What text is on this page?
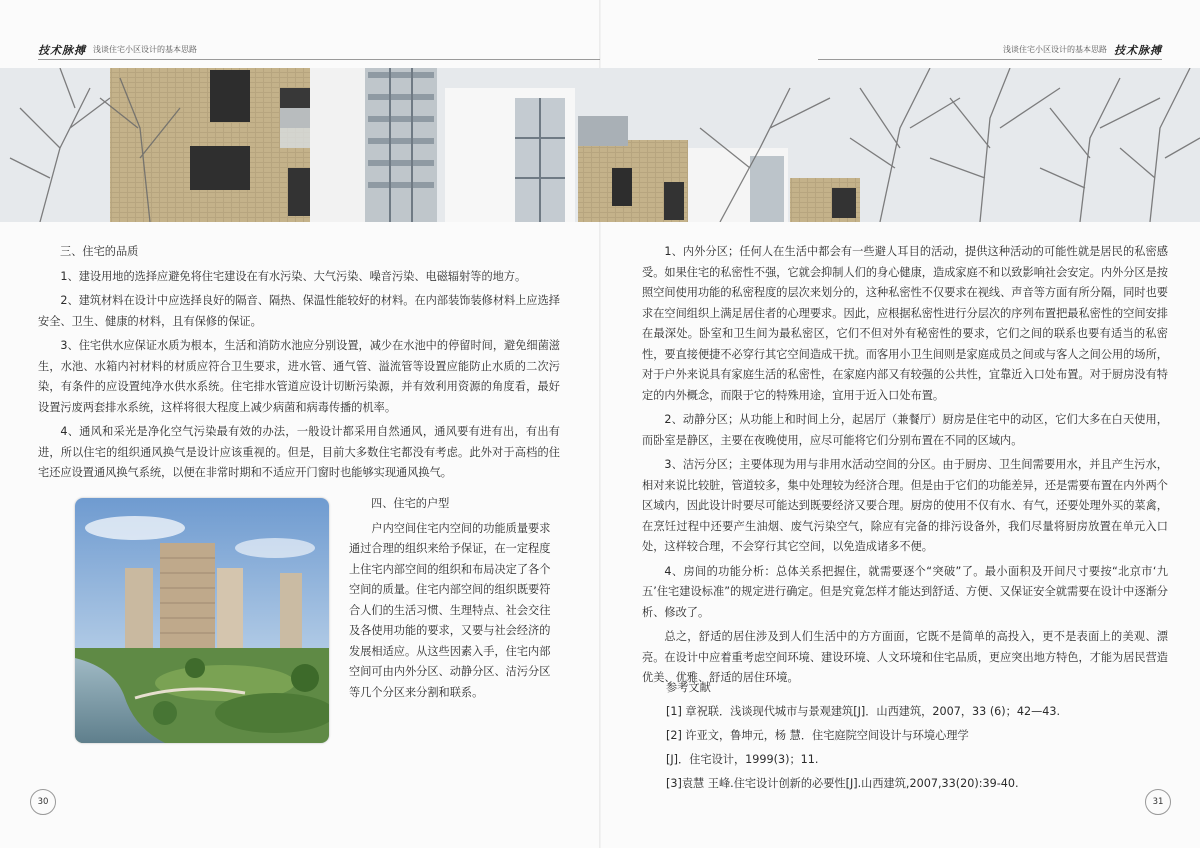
技术脉搏 浅谈住宅小区设计的基本思路	浅谈住宅小区设计的基本思路 技术脉搏

三、住宅的品质

1、建设用地的选择应避免将住宅建设在有水污染、大气污染、噪音污染、电磁辐射等的地方。

2、建筑材料在设计中应选择良好的隔音、隔热、保温性能较好的材料。在内部装饰装修材料上应选择安全、卫生、健康的材料，且有保修的保证。

3、住宅供水应保证水质为根本，生活和消防水池应分别设置，减少在水池中的停留时间，避免细菌滋生，水池、水箱内衬材料的材质应符合卫生要求，进水管、通气管、溢流管等设置应能防止水质的二次污染，有条件的应设置纯净水供水系统。住宅排水管道应设计切断污染源，并有效利用资源的角度看，最好设置污废两套排水系统，这样将很大程度上减少病菌和病毒传播的机率。

4、通风和采光是净化空气污染最有效的办法，一般设计都采用自然通风，通风要有进有出，有出有进，所以住宅的组织通风换气是设计应该重视的。但是，目前大多数住宅都没有考虑。此外对于高档的住宅还应设置通风换气系统，以便在非常时期和不适应开门窗时也能够实现通风换气。

四、住宅的户型

户内空间住宅内空间的功能质量要求通过合理的组织来给予保证，在一定程度上住宅内部空间的组织和布局决定了各个空间的质量。住宅内部空间的组织既要符合人们的生活习惯、生理特点、社会交往及各使用功能的要求，又要与社会经济的发展相适应。从这些因素入手，住宅内部空间可由内外分区、动静分区、洁污分区等几个分区来分割和联系。

1、内外分区；任何人在生活中都会有一些避人耳目的活动，提供这种活动的可能性就是居民的私密感受。如果住宅的私密性不强，它就会抑制人们的身心健康，造成家庭不和以致影响社会安定。内外分区是按照空间使用功能的私密程度的层次来划分的，这种私密性不仅要求在视线、声音等方面有所分隔，同时也要求在空间组织上满足居住者的心理要求。因此，应根据私密性进行分层次的序列布置把最私密性的空间安排在最深处。卧室和卫生间为最私密区，它们不但对外有秘密性的要求，它们之间的联系也要有适当的私密性，要直接便捷不必穿行其它空间造成干扰。而客用小卫生间则是家庭成员之间或与客人之间公用的场所，对于户外来说具有家庭生活的私密性，在家庭内部又有较强的公共性，宜靠近入口处布置。对于厨房没有特定的内外概念，而限于它的特殊用途，宜用于近入口处布置。

2、动静分区；从功能上和时间上分，起居厅（兼餐厅）厨房是住宅中的动区，它们大多在白天使用，而卧室是静区，主要在夜晚使用，应尽可能将它们分别布置在不同的区域内。

3、洁污分区；主要体现为用与非用水活动空间的分区。由于厨房、卫生间需要用水，并且产生污水，相对来说比较脏，管道较多，集中处理较为经济合理。但是由于它们的功能差异，还是需要布置在内外两个区域内，因此设计时要尽可能达到既要经济又要合理。厨房的使用不仅有水、有气，还要处理外买的菜禽，在烹饪过程中还要产生油烟、废气污染空气，除应有完备的排污设备外，我们尽量将厨房放置在单元入口处，这样较合理，不会穿行其它空间，以免造成诸多不便。

4、房间的功能分析：总体关系把握住，就需要逐个“突破”了。最小面积及开间尺寸要按“北京市‘九五’住宅建设标准”的规定进行确定。但是究竟怎样才能达到舒适、方便、又保证安全就需要在设计中逐渐分析、修改了。

总之，舒适的居住涉及到人们生活中的方方面面，它既不是简单的高投入，更不是表面上的美观、漂亮。在设计中应着重考虑空间环境、建设环境、人文环境和住宅品质，更应突出地方特色，才能为居民营造优美、优雅、舒适的居住环境。

参考文献
[1] 章祝联．浅谈现代城市与景观建筑[J]．山西建筑，2007，33 (6)；42—43.
[2] 许亚文，鲁坤元，杨 慧．住宅庭院空间设计与环境心理学
[J]．住宅设计，1999(3)；11.
[3]袁慧 王峰.住宅设计创新的必要性[J].山西建筑,2007,33(20):39-40.
30	31
